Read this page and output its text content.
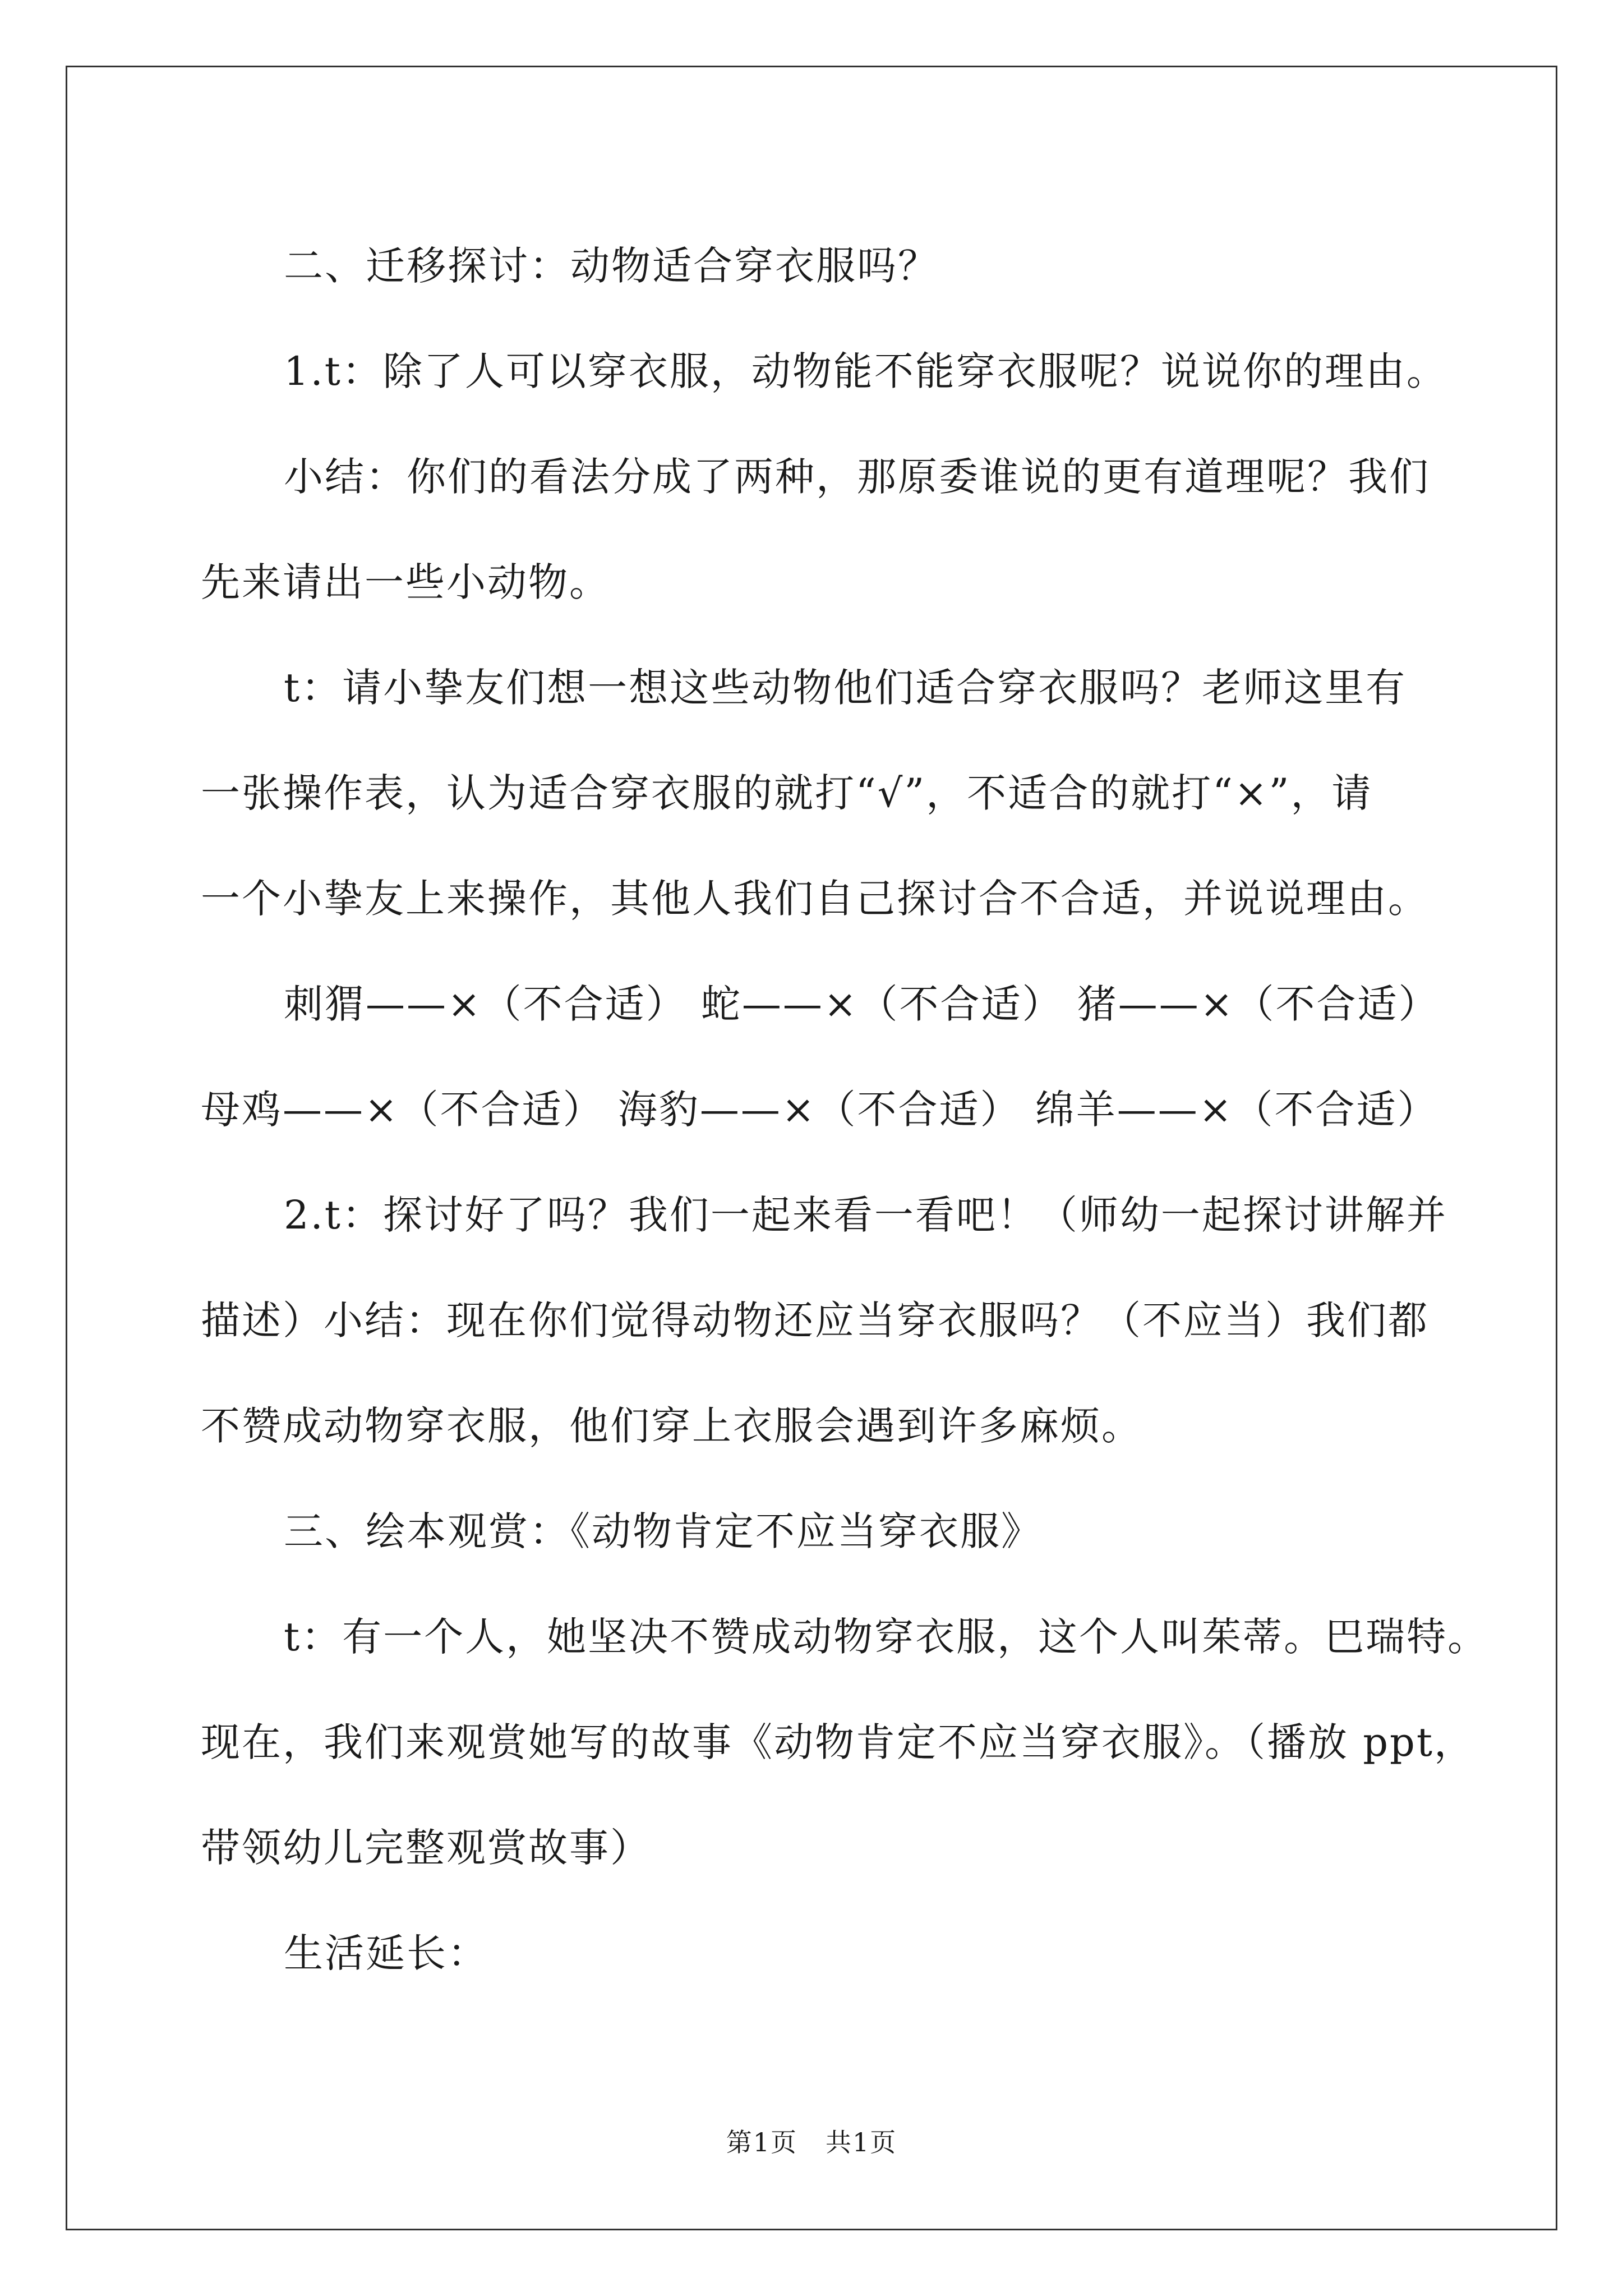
二、迁移探讨：动物适合穿衣服吗？

1.t：除了人可以穿衣服，动物能不能穿衣服呢？说说你的理由。

小结：你们的看法分成了两种，那原委谁说的更有道理呢？我们

先来请出一些小动物。

t：请小挚友们想一想这些动物他们适合穿衣服吗？老师这里有

一张操作表，认为适合穿衣服的就打“√”，不适合的就打“×”，请

一个小挚友上来操作，其他人我们自己探讨合不合适，并说说理由。

刺猬——×（不合适） 蛇——×（不合适） 猪——×（不合适）

母鸡——×（不合适） 海豹——×（不合适） 绵羊——×（不合适）

2.t：探讨好了吗？我们一起来看一看吧！（师幼一起探讨讲解并

描述）小结：现在你们觉得动物还应当穿衣服吗？（不应当）我们都

不赞成动物穿衣服，他们穿上衣服会遇到许多麻烦。

三、绘本观赏：《动物肯定不应当穿衣服》

t：有一个人，她坚决不赞成动物穿衣服，这个人叫茱蒂。巴瑞特。

现在，我们来观赏她写的故事《动物肯定不应当穿衣服》。（播放 ppt，

带领幼儿完整观赏故事）

生活延长：

第1页 共1页
